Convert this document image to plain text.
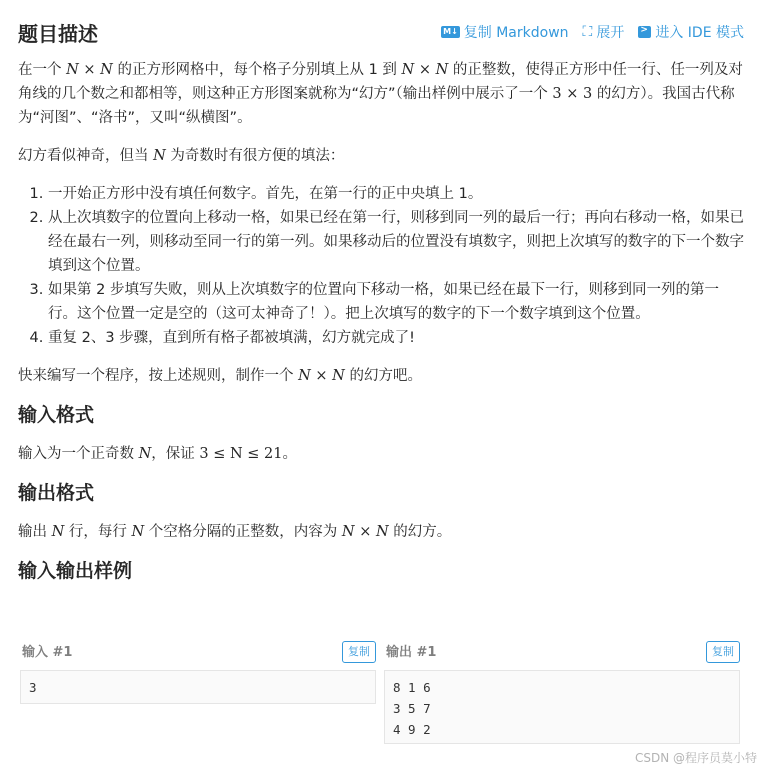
题目描述	M↓ 复制 Markdown ⛶ 展开
> 进入 IDE 模式
在一个 N × N 的正方形网格中，每个格子分别填上从 1 到 N × N 的正整数，使得正方形中任一行、任一列及对角线的几个数之和都相等，则这种正方形图案就称为“幻方”（输出样例中展示了一个 3 × 3 的幻方）。我国古代称为“河图”、“洛书”，又叫“纵横图”。
幻方看似神奇，但当 N 为奇数时有很方便的填法：
1. 一开始正方形中没有填任何数字。首先，在第一行的正中央填上 1。
2. 从上次填数字的位置向上移动一格，如果已经在第一行，则移到同一列的最后一行；再向右移动一格，如果已经在最右一列，则移动至同一行的第一列。如果移动后的位置没有填数字，则把上次填写的数字的下一个数字填到这个位置。
3. 如果第 2 步填写失败，则从上次填数字的位置向下移动一格，如果已经在最下一行，则移到同一列的第一行。这个位置一定是空的（这可太神奇了！）。把上次填写的数字的下一个数字填到这个位置。
4. 重复 2、3 步骤，直到所有格子都被填满，幻方就完成了!
快来编写一个程序，按上述规则，制作一个 N × N 的幻方吧。
输入格式
输入为一个正奇数 N，保证 3 ≤ N ≤ 21。
输出格式
输出 N 行，每行 N 个空格分隔的正整数，内容为 N × N 的幻方。
输入输出样例
输入 #1	复制
3
输出 #1	复制
8 1 6
3 5 7
4 9 2
CSDN @程序员莫小特
